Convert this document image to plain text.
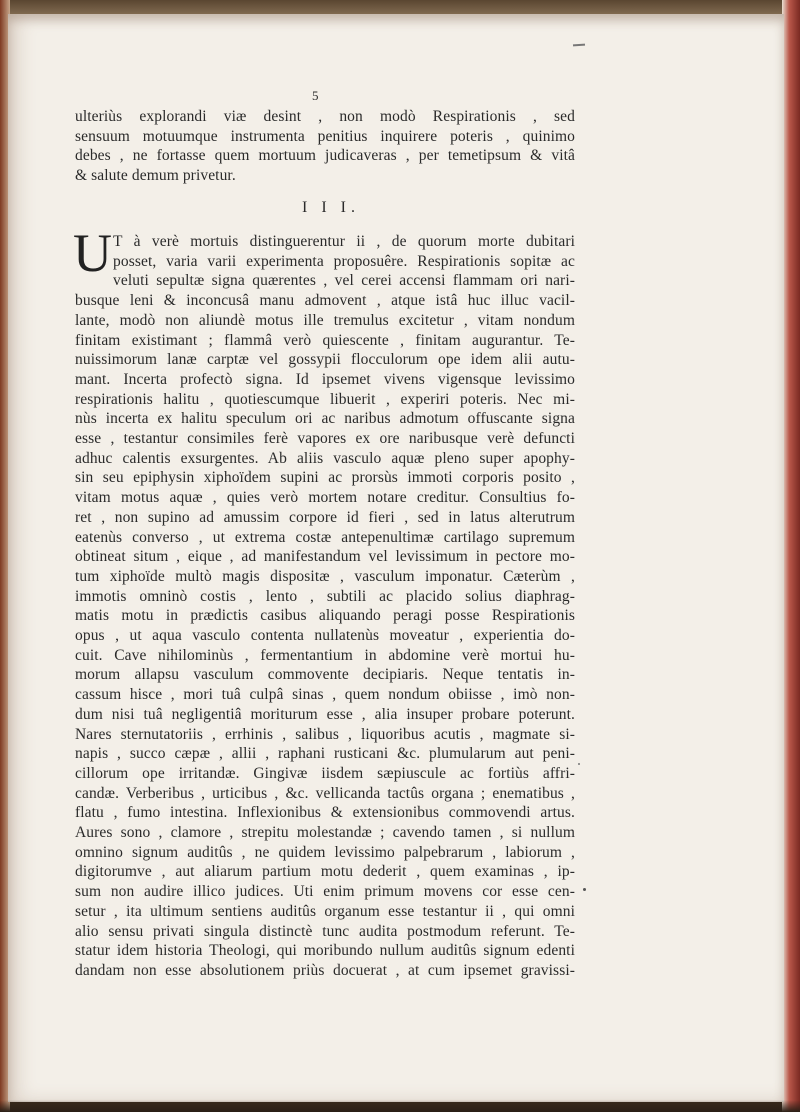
5
ulteriùs explorandi viæ desint , non modò Respirationis , sed
sensuum motuumque instrumenta penitius inquirere poteris , quinimo
debes , ne fortasse quem mortuum judicaveras , per temetipsum & vitâ
& salute demum privetur.
I I I.
U T à verè mortuis distinguerentur ii , de quorum morte dubitari
posset, varia varii experimenta proposuêre. Respirationis sopitæ ac
veluti sepultæ signa quærentes , vel cerei accensi flammam ori nari-
busque leni & inconcusâ manu admovent , atque istâ huc illuc vacil-
lante, modò non aliundè motus ille tremulus excitetur , vitam nondum
finitam existimant ; flammâ verò quiescente , finitam augurantur. Te-
nuissimorum lanæ carptæ vel gossypii flocculorum ope idem alii autu-
mant. Incerta profectò signa. Id ipsemet vivens vigensque levissimo
respirationis halitu , quotiescumque libuerit , experiri poteris. Nec mi-
nùs incerta ex halitu speculum ori ac naribus admotum offuscante signa
esse , testantur consimiles ferè vapores ex ore naribusque verè defuncti
adhuc calentis exsurgentes. Ab aliis vasculo aquæ pleno super apophy-
sin seu epiphysin xiphoïdem supini ac prorsùs immoti corporis posito ,
vitam motus aquæ , quies verò mortem notare creditur. Consultius fo-
ret , non supino ad amussim corpore id fieri , sed in latus alterutrum
eatenùs converso , ut extrema costæ antepenultimæ cartilago supremum
obtineat situm , eique , ad manifestandum vel levissimum in pectore mo-
tum xiphoïde multò magis dispositæ , vasculum imponatur. Cæterùm ,
immotis omninò costis , lento , subtili ac placido solius diaphrag-
matis motu in prædictis casibus aliquando peragi posse Respirationis
opus , ut aqua vasculo contenta nullatenùs moveatur , experientia do-
cuit. Cave nihilominùs , fermentantium in abdomine verè mortui hu-
morum allapsu vasculum commovente decipiaris. Neque tentatis in-
cassum hisce , mori tuâ culpâ sinas , quem nondum obiisse , imò non-
dum nisi tuâ negligentiâ moriturum esse , alia insuper probare poterunt.
Nares sternutatoriis , errhinis , salibus , liquoribus acutis , magmate si-
napis , succo cæpæ , allii , raphani rusticani &c. plumularum aut peni-
cillorum ope irritandæ. Gingivæ iisdem sæpiuscule ac fortiùs affri-
candæ. Verberibus , urticibus , &c. vellicanda tactûs organa ; enematibus ,
flatu , fumo intestina. Inflexionibus & extensionibus commovendi artus.
Aures sono , clamore , strepitu molestandæ ; cavendo tamen , si nullum
omnino signum auditûs , ne quidem levissimo palpebrarum , labiorum ,
digitorumve , aut aliarum partium motu dederit , quem examinas , ip-
sum non audire illico judices. Uti enim primum movens cor esse cen-
setur , ita ultimum sentiens auditûs organum esse testantur ii , qui omni
alio sensu privati singula distinctè tunc audita postmodum referunt. Te-
statur idem historia Theologi, qui moribundo nullum auditûs signum edenti
dandam non esse absolutionem priùs docuerat , at cum ipsemet gravissi-
